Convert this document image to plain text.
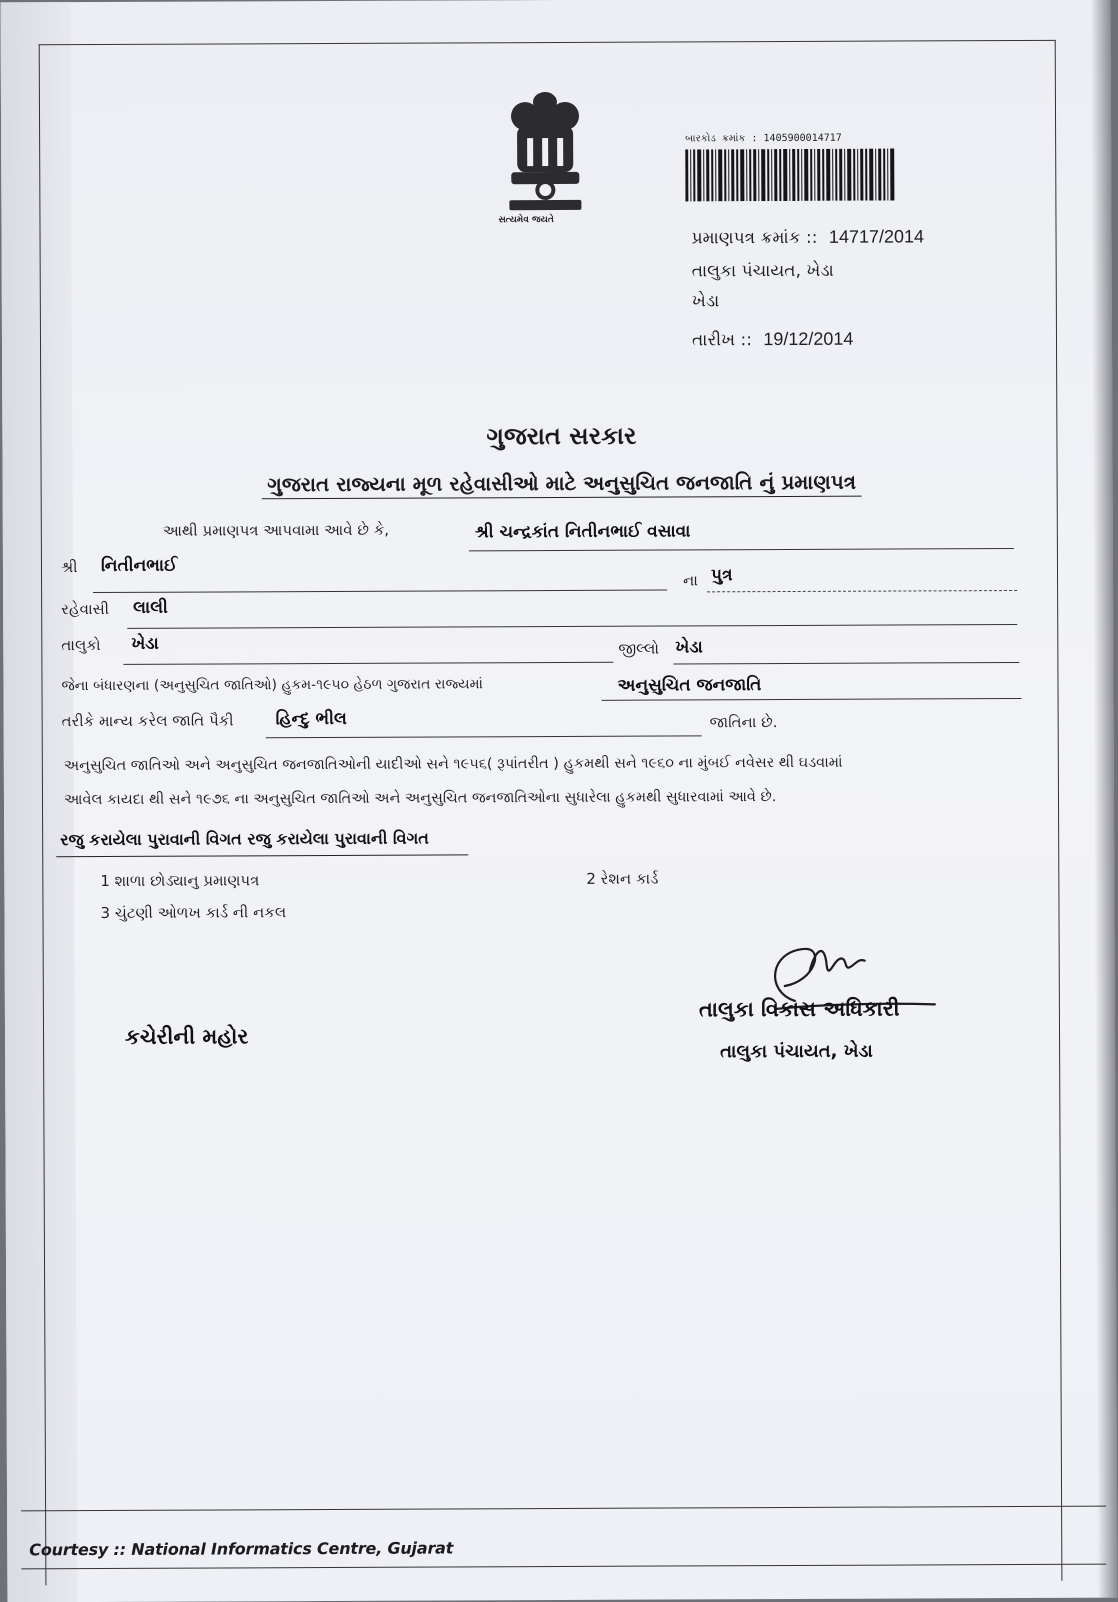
સત્યમેવ જયતે
બારકોડ ક્રમાંક : 1405900014717
પ્રમાણપત્ર ક્રમાંક :: 14717/2014
તાલુકા પંચાયત, ખેડા
ખેડા
તારીખ :: 19/12/2014
ગુજરાત સરકાર
ગુજરાત રાજ્યના મૂળ રહેવાસીઓ માટે અનુસુચિત જનજાતિ નું પ્રમાણપત્ર
આથી પ્રમાણપત્ર આપવામા આવે છે કે,	શ્રી ચન્દ્રકાંત નિતીનભાઈ વસાવા
શ્રી નિતીનભાઈ
ના પુત્ર
રહેવાસી લાલી
તાલુકો ખેડા	જીલ્લો ખેડા
જેના બંધારણના (અનુસુચિત જાતિઓ) હુકમ-૧૯૫૦ હેઠળ ગુજરાત રાજ્યમાં	અનુસુચિત જનજાતિ
તરીકે માન્ય કરેલ જાતિ પૈકી હિન્દુ ભીલ	જાતિના છે.
અનુસુચિત જાતિઓ અને અનુસુચિત જનજાતિઓની યાદીઓ સને ૧૯૫૬( રૂપાંતરીત ) હુકમથી સને ૧૯૬૦ ના મુંબઈ નવેસર થી ઘડવામાં
આવેલ કાયદા થી સને ૧૯૭૬ ના અનુસુચિત જાતિઓ અને અનુસુચિત જનજાતિઓના સુધારેલા હુકમથી સુધારવામાં આવે છે.
રજુ કરાયેલા પુરાવાની વિગત રજુ કરાયેલા પુરાવાની વિગત
1 શાળા છોડ્યાનુ પ્રમાણપત્ર	2 રેશન કાર્ડ
3 ચુંટણી ઓળખ કાર્ડ ની નકલ
કચેરીની મહોર
તાલુકા વિકાસ અધિકારી
તાલુકા પંચાયત, ખેડા
Courtesy :: National Informatics Centre, Gujarat
